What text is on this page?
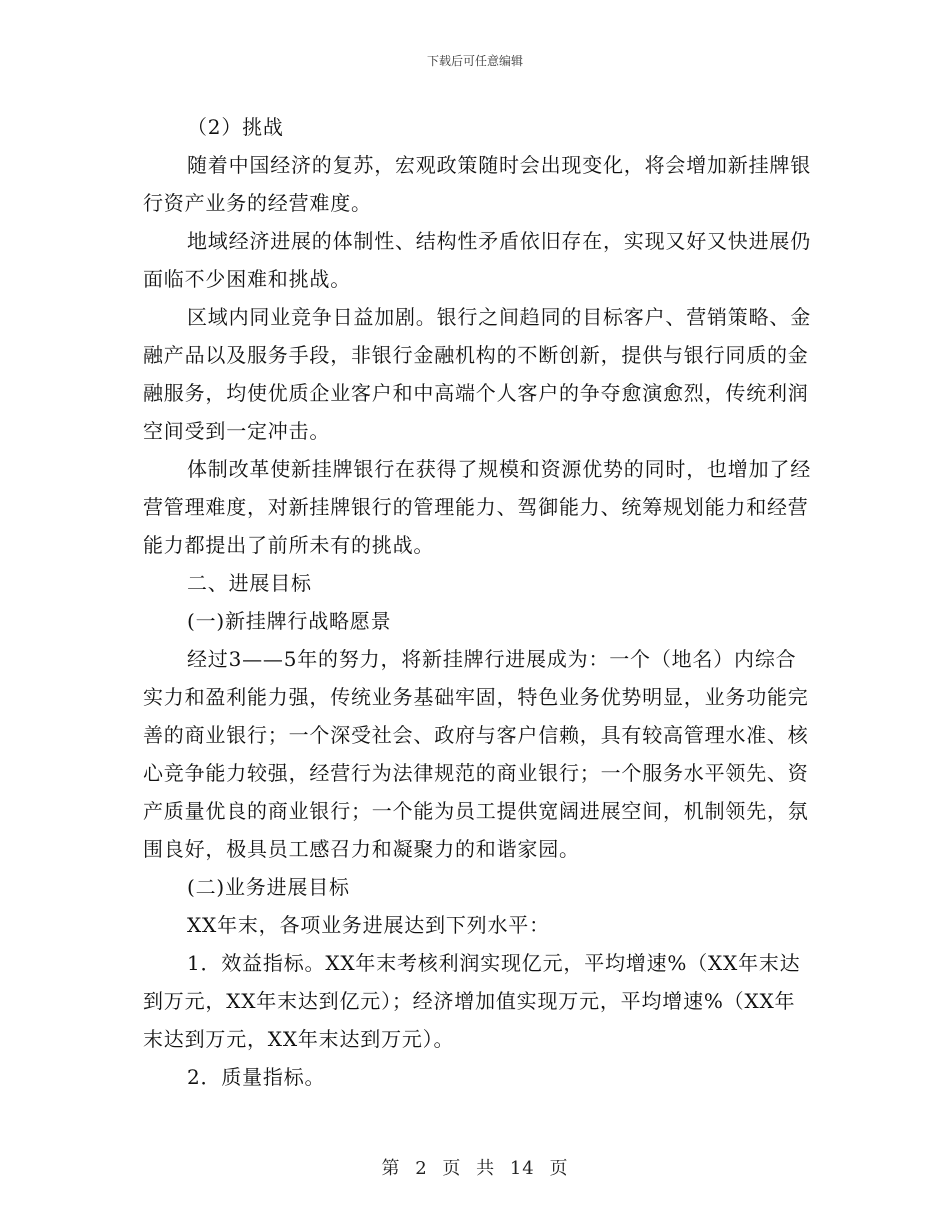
下载后可任意编辑

（2）挑战

随着中国经济的复苏，宏观政策随时会出现变化，将会增加新挂牌银行资产业务的经营难度。

地域经济进展的体制性、结构性矛盾依旧存在，实现又好又快进展仍面临不少困难和挑战。

区域内同业竞争日益加剧。银行之间趋同的目标客户、营销策略、金融产品以及服务手段，非银行金融机构的不断创新，提供与银行同质的金融服务，均使优质企业客户和中高端个人客户的争夺愈演愈烈，传统利润空间受到一定冲击。

体制改革使新挂牌银行在获得了规模和资源优势的同时，也增加了经营管理难度，对新挂牌银行的管理能力、驾御能力、统筹规划能力和经营能力都提出了前所未有的挑战。

二、进展目标

(一)新挂牌行战略愿景

经过3——5年的努力，将新挂牌行进展成为：一个（地名）内综合实力和盈利能力强，传统业务基础牢固，特色业务优势明显，业务功能完善的商业银行；一个深受社会、政府与客户信赖，具有较高管理水准、核心竞争能力较强，经营行为法律规范的商业银行；一个服务水平领先、资产质量优良的商业银行；一个能为员工提供宽阔进展空间，机制领先，氛围良好，极具员工感召力和凝聚力的和谐家园。

(二)业务进展目标

XX年末，各项业务进展达到下列水平：

1．效益指标。XX年末考核利润实现亿元，平均增速%（XX年末达到万元，XX年末达到亿元）；经济增加值实现万元，平均增速%（XX年末达到万元，XX年末达到万元）。

2．质量指标。

第 2 页 共 14 页
